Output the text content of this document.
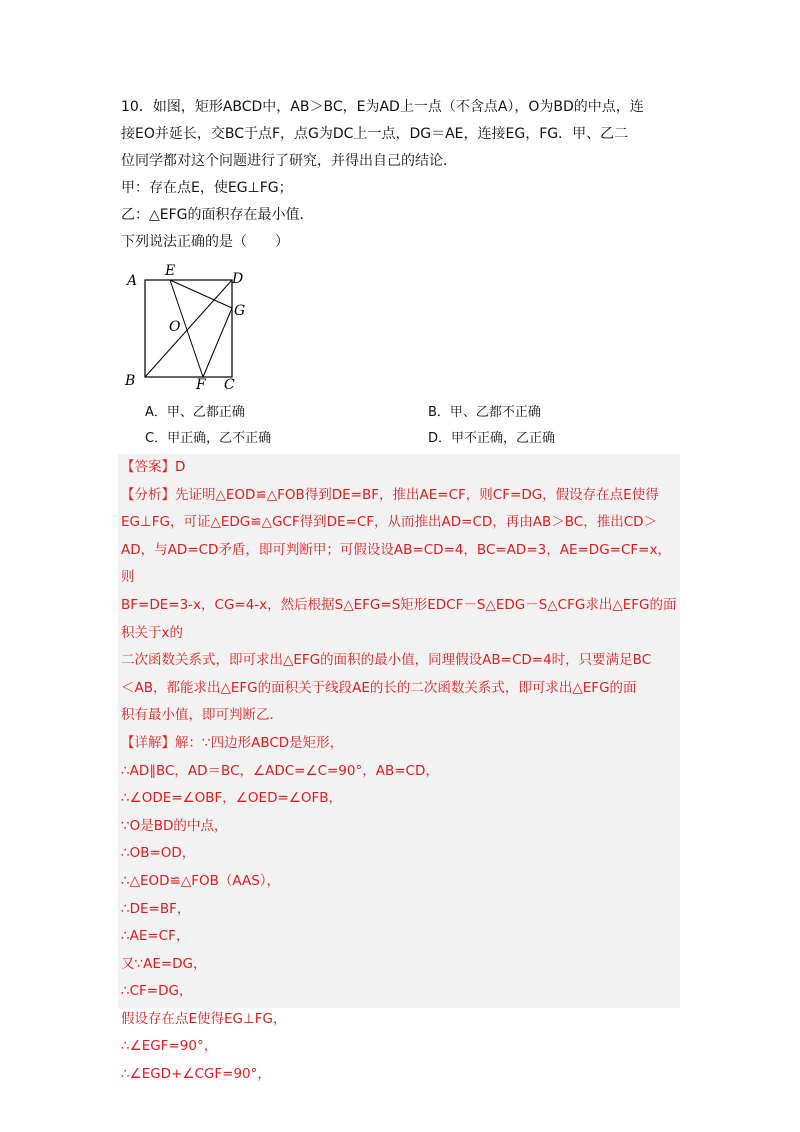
10．如图，矩形ABCD中，AB＞BC，E为AD上一点（不含点A），O为BD的中点，连

接EO并延长，交BC于点F，点G为DC上一点，DG＝AE，连接EG，FG．甲、乙二

位同学都对这个问题进行了研究，并得出自己的结论．

甲：存在点E，使EG⊥FG；

乙：△EFG的面积存在最小值．

下列说法正确的是（　　）

A
B	C
D
E
F
G
O
A．甲、乙都正确	B．甲、乙都不正确
C．甲正确，乙不正确	D．甲不正确，乙正确

【答案】D

【分析】先证明△EOD≌△FOB得到DE=BF，推出AE=CF，则CF=DG，假设存在点E使得

EG⊥FG，可证△EDG≌△GCF得到DE=CF，从而推出AD=CD，再由AB＞BC，推出CD＞

AD，与AD=CD矛盾，即可判断甲；可假设设AB=CD=4，BC=AD=3，AE=DG=CF=x，则

BF=DE=3-x，CG=4-x，然后根据S△EFG=S矩形EDCF－S△EDG－S△CFG求出△EFG的面积关于x的

二次函数关系式，即可求出△EFG的面积的最小值，同理假设AB=CD=4时，只要满足BC

＜AB，都能求出△EFG的面积关于线段AE的长的二次函数关系式，即可求出△EFG的面

积有最小值，即可判断乙．

【详解】解：∵四边形ABCD是矩形，

∴AD∥BC，AD＝BC，∠ADC=∠C=90°，AB=CD，

∴∠ODE=∠OBF，∠OED=∠OFB，

∵O是BD的中点，

∴OB=OD，

∴△EOD≌△FOB（AAS），

∴DE=BF，

∴AE=CF，

又∵AE=DG，

∴CF=DG，

假设存在点E使得EG⊥FG，

∴∠EGF=90°，

∴∠EGD+∠CGF=90°，
